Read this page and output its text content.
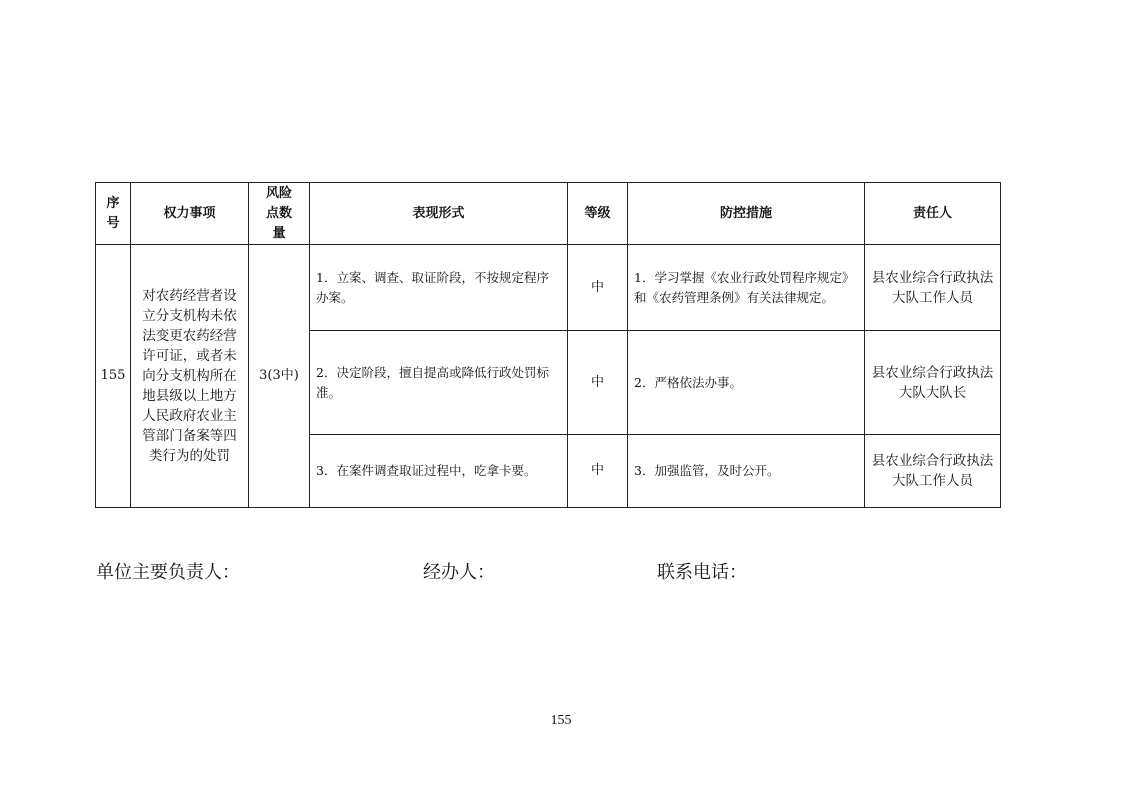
序号	权力事项	风险点数量	表现形式	等级	防控措施	责任人
155	对农药经营者设立分支机构未依法变更农药经营许可证，或者未向分支机构所在地县级以上地方人民政府农业主管部门备案等四类行为的处罚	3(3中)	1．立案、调查、取证阶段，不按规定程序办案。	中	1．学习掌握《农业行政处罚程序规定》和《农药管理条例》有关法律规定。	县农业综合行政执法大队工作人员
			2．决定阶段，擅自提高或降低行政处罚标准。	中	2．严格依法办事。	县农业综合行政执法大队大队长
			3．在案件调查取证过程中，吃拿卡要。	中	3．加强监管，及时公开。	县农业综合行政执法大队工作人员
单位主要负责人：	经办人：	联系电话：
155
